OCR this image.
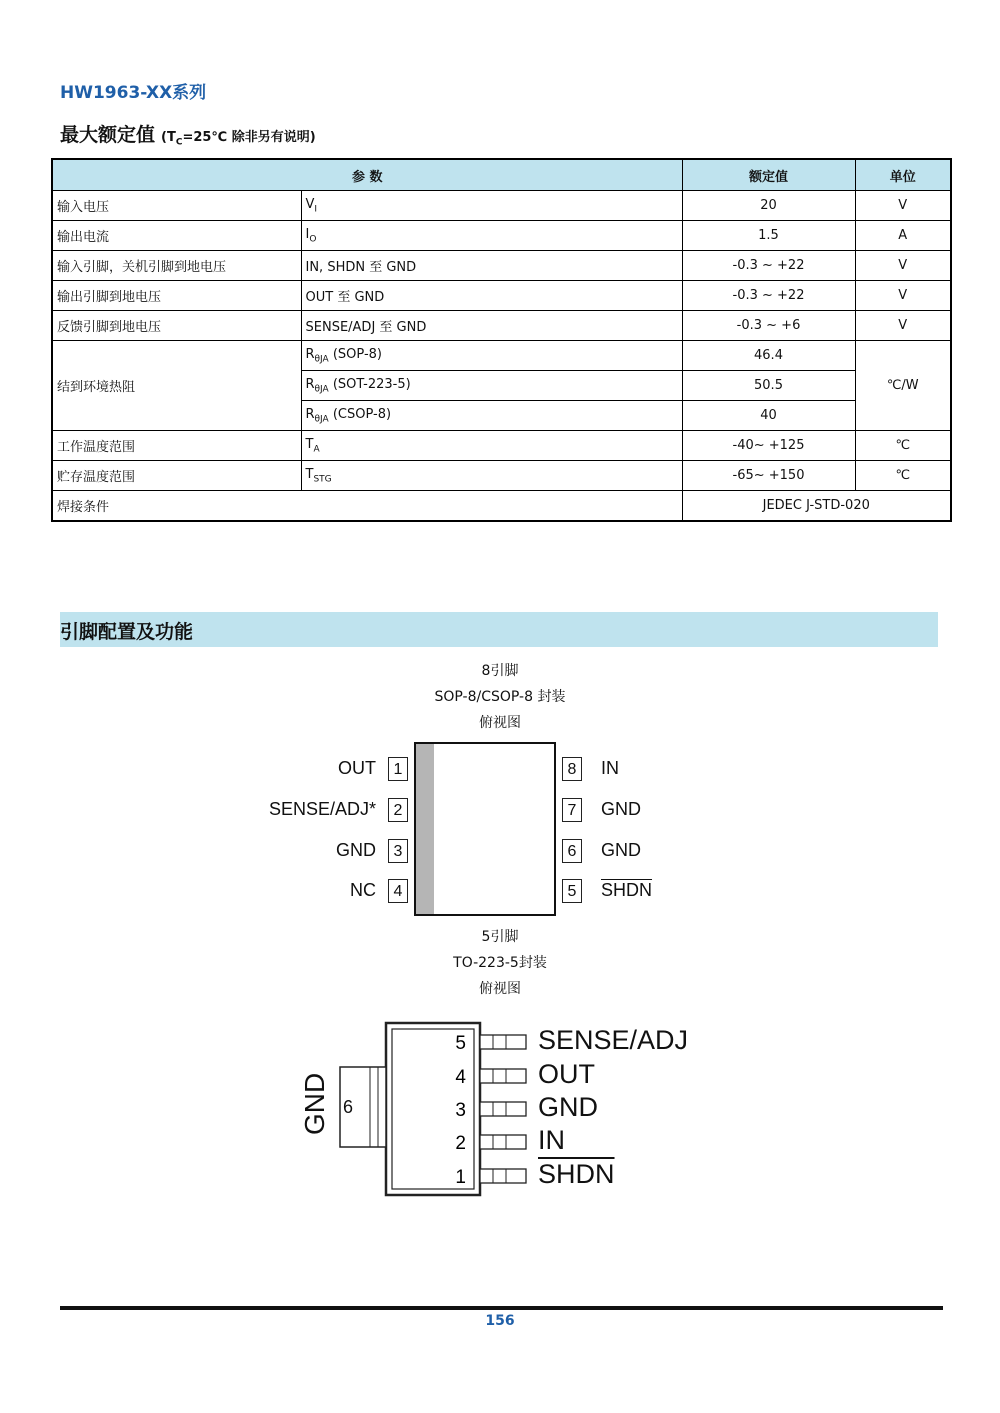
HW1963-XX系列
最大额定值 ($T_C=25℃$ 除非另有说明)
参 数		额定值	单位
输入电压	$V_I$	20	V
输出电流	$I_O$	1.5	A
输入引脚，关机引脚到地电压	IN, SHDN 至 GND	-0.3 ~ +22	V
输出引脚到地电压	OUT 至 GND	-0.3 ~ +22	V
反馈引脚到地电压	SENSE/ADJ 至 GND	-0.3 ~ +6	V
结到环境热阻	$R_{\theta JA}$ (SOP-8)	46.4	℃/W
	$R_{\theta JA}$ (SOT-223-5)	50.5	
	$R_{\theta JA}$ (CSOP-8)	40	
工作温度范围	$T_A$	-40~ +125	℃
贮存温度范围	$T_{STG}$	-65~ +150	℃
焊接条件		JEDEC J-STD-020	
引脚配置及功能
8引脚
SOP-8/CSOP-8 封装
俯视图
OUT	1
SENSE/ADJ*	2
GND	3
NC	4
8	IN
7	GND
6	GND
5	SHDN
5引脚
TO-223-5封装
俯视图
5
4
3
2
1
GND 6
SENSE/ADJ
OUT
GND
IN
SHDN
156
